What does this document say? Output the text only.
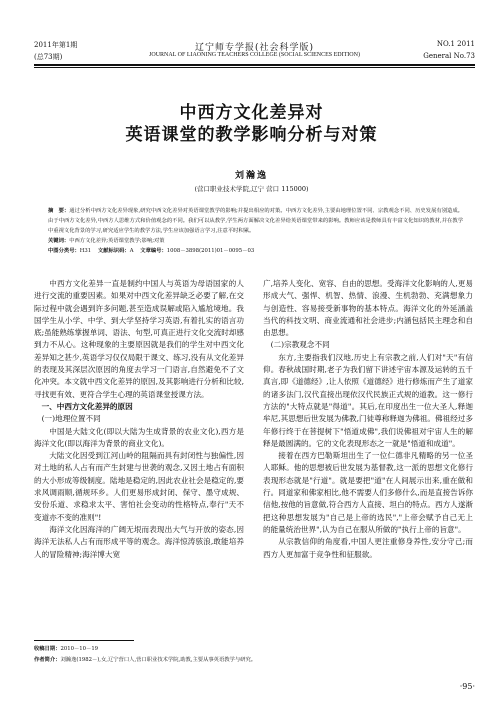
2011年第1期
(总73期)
辽宁师专学报(社会科学版)
JOURNAL OF LIAONING TEACHERS COLLEGE (SOCIAL SCIENCES EDITION)
NO.1 2011
General No.73
中西方文化差异对
英语课堂的教学影响分析与对策
刘瀚逸
(营口职业技术学院,辽宁 营口 115000)

摘　要：通过分析中西方文化差异现象,研究中西文化差异对英语课堂教学的影响;并提出相应的对策。中西方文化差异,主要由地理位置不同、宗教观念不同、历史发展有别造成。由于中西方文化差异,中西方人思维方式和价值观念的不同。我们可以从教学,学生两方面解决文化差异给英语课堂带来的影响。教师应该是教师具有丰富文化知识的教材,并在教学中重视文化背景的学习,研究适应学生的教学方法,学生应该加强语言学习,注意平时积累。

关键词：中西方文化差异;英语课堂教学;影响;对策

中图分类号：H31 文献标识码：A 文章编号：1008－3898(2011)01－0095－03

中西方文化差异一直是制约中国人与英语为母语国家的人进行交流的重要因素。如果对中西文化差异缺乏必要了解,在交际过程中就会遇到许多问题,甚至造成误解或陷入尴尬境地。我国学生从小学、中学、到大学坚持学习英语,有着扎实的语言功底;虽能熟练掌握单词、语法、句型,可真正进行文化交流时却感到力不从心。这种现象的主要原因就是我们的学生对中西文化差异知之甚少,英语学习仅仅局限于课文、练习,没有从文化差异的表现及其深层次原因的角度去学习一门语言,自然避免不了文化冲突。本文就中西文化差异的原因,及其影响进行分析和比较,寻找更有效、更符合学生心理的英语课堂授课方法。

一、中西方文化差异的原因

(一)地理位置不同

中国是大陆文化(即以大陆为生成背景的农业文化),西方是海洋文化(即以海洋为背景的商业文化)。

大陆文化因受到江河山岭的阻隔而具有封闭性与独偏性,因对土地的私人占有而产生封建与世袭的观念,又因土地占有面积的大小形成等级制度。陆地是稳定的,因此农业社会是稳定的,要求风调雨顺,循规环乡。人们更易形成封闭、保守、墨守成规、安份乐道、求稳求太平、害怕社会变动的性格特点,奉行"天不变道亦不变的准则"!

海洋文化因海洋的广阔无垠而表现出大气与开放的姿态,因海洋无法私人占有而形成平等的观念。海洋惊涛骇浪,敢能培养人的冒险精神;海洋博大宽

广,培养人变化、宽容、自由的思想。受海洋文化影响的人,更易形成大气、强悍、机智、热情、浪漫、生机勃勃、充满想象力与创造性、容易接受新事物的基本特点。海洋文化的外延涵盖当代的科技文明、商业流通和社会进步;内涵包括民主理念和自由思想。

(二)宗教观念不同

东方,主要指我们汉地,历史上有宗教之前,人们对"天"有信仰。春秋战国时期,老子为我们留下讲述宇宙本源及运转的五千真言,即《道德经》,让人依照《道德经》进行修炼而产生了道家的诸多法门,汉代直接出现依汉代民族正式规的道教。这一修行方法的"大特点就是"得道"。其后,在印度出生一位大圣人,释迦牟尼,其思想后世发展为佛教,门徒尊称释迦为佛祖。佛祖经过多年修行终于在菩提树下"悟道成佛",我们说佛祖对宇宙人生的解释是最圆满的。它的文化表现形态之一就是"悟道和成道"。

接着在西方巴勒斯坦出生了一位仁德非凡精略的另一位圣人耶稣。他的思想被后世发展为基督教,这一派的思想文化修行表现形态就是"行道"。就是要把"道"在人间展示出来,重在做和行。同道家和佛家相比,他不需要人们多修什么,而是直接告诉你信他,按他的旨意做,符合西方人直接、坦白的特点。西方人遂渐把这种思想发展为"自己是上帝的选民","上帝会赋予自己无上的能量统治世界",认为自己在服从所做的"执行上帝的旨意"。

从宗教信仰的角度看,中国人更注重修身养性,安分守己;而西方人更加富于竞争性和征服欲。

收稿日期：2010－10－19
作者简介：刘瀚逸(1982－),女,辽宁营口人,营口职业技术学院,助教,主要从事英语教学与研究。
·95·
